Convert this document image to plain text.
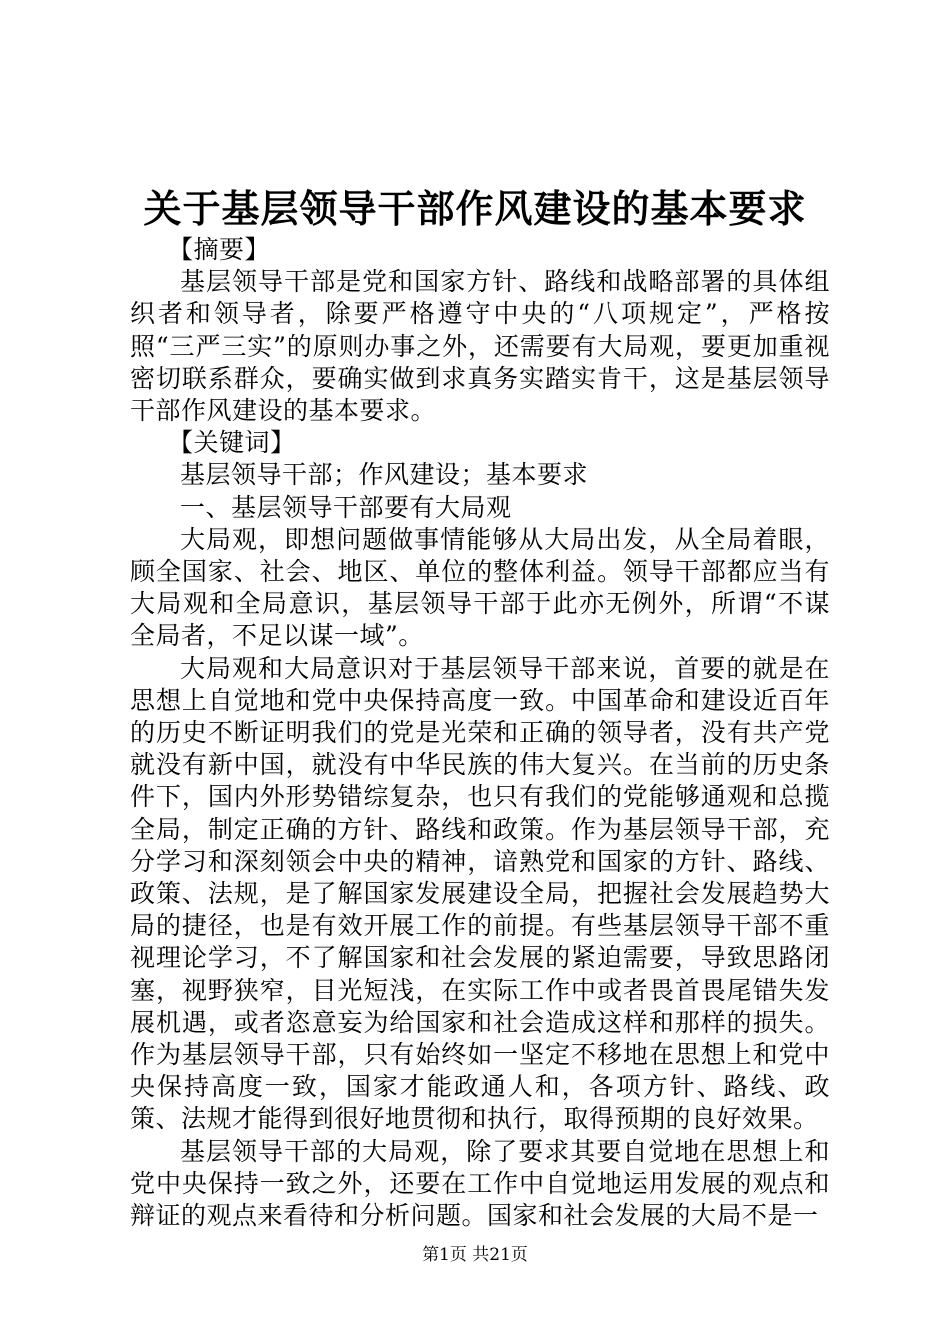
关于基层领导干部作风建设的基本要求

【摘要】

基层领导干部是党和国家方针、路线和战略部署的具体组织者和领导者，除要严格遵守中央的“八项规定”，严格按照“三严三实”的原则办事之外，还需要有大局观，要更加重视密切联系群众，要确实做到求真务实踏实肯干，这是基层领导干部作风建设的基本要求。

【关键词】

基层领导干部；作风建设；基本要求

一、基层领导干部要有大局观

大局观，即想问题做事情能够从大局出发，从全局着眼，顾全国家、社会、地区、单位的整体利益。领导干部都应当有大局观和全局意识，基层领导干部于此亦无例外，所谓“不谋全局者，不足以谋一域”。

大局观和大局意识对于基层领导干部来说，首要的就是在思想上自觉地和党中央保持高度一致。中国革命和建设近百年的历史不断证明我们的党是光荣和正确的领导者，没有共产党就没有新中国，就没有中华民族的伟大复兴。在当前的历史条件下，国内外形势错综复杂，也只有我们的党能够通观和总揽全局，制定正确的方针、路线和政策。作为基层领导干部，充分学习和深刻领会中央的精神，谙熟党和国家的方针、路线、政策、法规，是了解国家发展建设全局，把握社会发展趋势大局的捷径，也是有效开展工作的前提。有些基层领导干部不重视理论学习，不了解国家和社会发展的紧迫需要，导致思路闭塞，视野狭窄，目光短浅，在实际工作中或者畏首畏尾错失发展机遇，或者恣意妄为给国家和社会造成这样和那样的损失。作为基层领导干部，只有始终如一坚定不移地在思想上和党中央保持高度一致，国家才能政通人和，各项方针、路线、政策、法规才能得到很好地贯彻和执行，取得预期的良好效果。

基层领导干部的大局观，除了要求其要自觉地在思想上和党中央保持一致之外，还要在工作中自觉地运用发展的观点和辩证的观点来看待和分析问题。国家和社会发展的大局不是一

第1页 共21页
